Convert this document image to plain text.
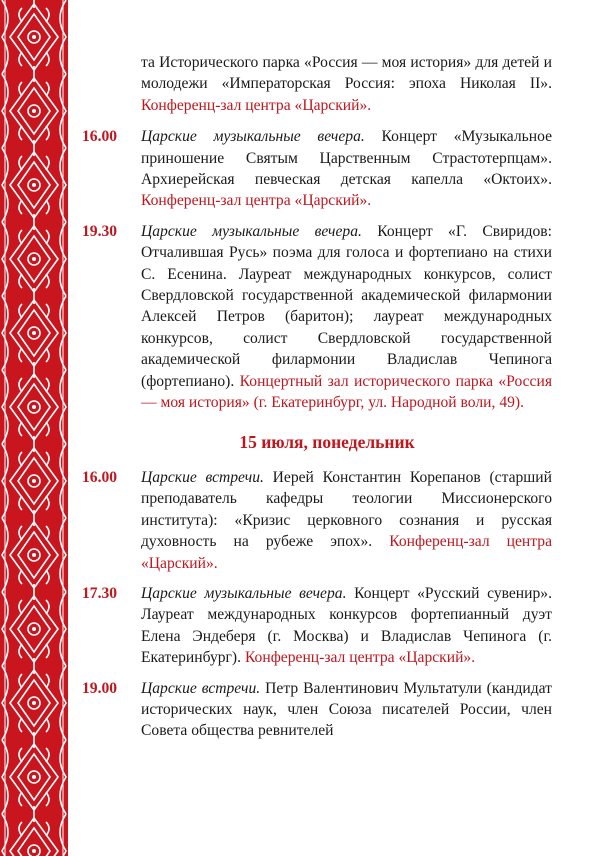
та Исторического парка «Россия — моя история» для детей и молодежи «Императорская Россия: эпоха Николая II». Конференц-зал центра «Царский».
16.00	Царские музыкальные вечера. Концерт «Музыкальное приношение Святым Царственным Страстотерпцам». Архиерейская певческая детская капелла «Октоих». Конференц-зал центра «Царский».
19.30	Царские музыкальные вечера. Концерт «Г. Свиридов: Отчалившая Русь» поэма для голоса и фортепиано на стихи С. Есенина. Лауреат международных конкурсов, солист Свердловской государственной академической филармонии Алексей Петров (баритон); лауреат международных конкурсов, солист Свердловской государственной академической филармонии Владислав Чепинога (фортепиано). Концертный зал исторического парка «Россия — моя история» (г. Екатеринбург, ул. Народной воли, 49).
15 июля, понедельник
16.00	Царские встречи. Иерей Константин Корепанов (старший преподаватель кафедры теологии Миссионерского института): «Кризис церковного сознания и русская духовность на рубеже эпох». Конференц-зал центра «Царский».
17.30	Царские музыкальные вечера. Концерт «Русский сувенир». Лауреат международных конкурсов фортепианный дуэт Елена Эндеберя (г. Москва) и Владислав Чепинога (г. Екатеринбург). Конференц-зал центра «Царский».
19.00	Царские встречи. Петр Валентинович Мультатули (кандидат исторических наук, член Союза писателей России, член Совета общества ревнителей
